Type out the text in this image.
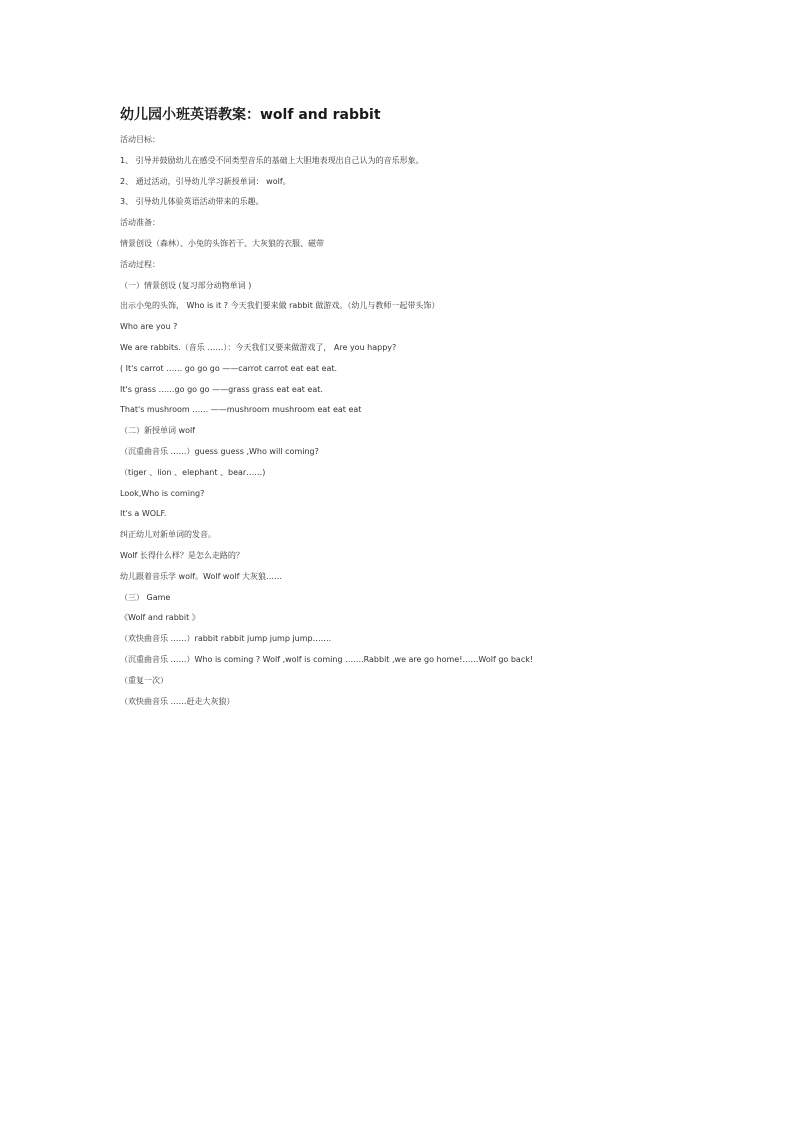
幼儿园小班英语教案：wolf and rabbit
活动目标：
1、 引导并鼓励幼儿在感受不同类型音乐的基础上大胆地表现出自己认为的音乐形象。
2、 通过活动，引导幼儿学习新授单词： wolf。
3、 引导幼儿体验英语活动带来的乐趣。
活动准备：
情景创设（森林）、小兔的头饰若干、大灰狼的衣服、磁带
活动过程：
（一）情景创设 (复习部分动物单词 )
出示小兔的头饰， Who is it ? 今天我们要来做 rabbit 做游戏。（幼儿与教师一起带头饰）
Who are you ?
We are rabbits.（音乐 ……）：今天我们又要来做游戏了， Are you happy?
( It's carrot …… go go go ——carrot carrot eat eat eat.
It's grass ……go go go ——grass grass eat eat eat.
That's mushroom …… ——mushroom mushroom eat eat eat
（二）新授单词 wolf
（沉重曲音乐 ……）guess guess ,Who will coming?
（tiger 、lion 、elephant 、bear……)
Look,Who is coming?
It's a WOLF.
纠正幼儿对新单词的发音。
Wolf 长得什么样？是怎么走路的？
幼儿跟着音乐学 wolf。Wolf wolf 大灰狼……
（三） Game
《Wolf and rabbit 》
（欢快曲音乐 ……）rabbit rabbit jump jump jump…….
（沉重曲音乐 ……）Who is coming ? Wolf ,wolf is coming …….Rabbit ,we are go home!……Wolf go back!
（重复一次）
（欢快曲音乐 ……赶走大灰狼）
